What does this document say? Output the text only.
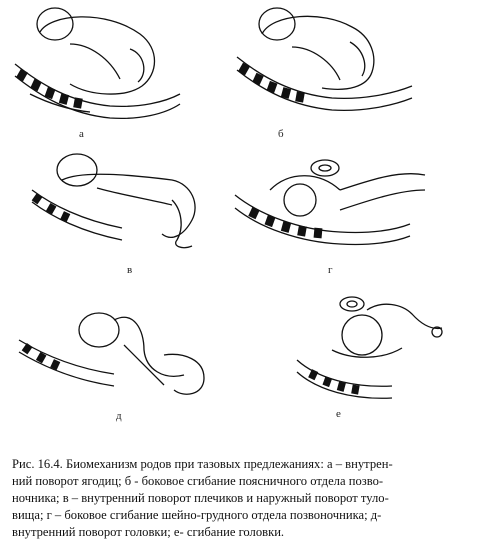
а	б
в	г
д	е

Рис. 16.4. Биомеханизм родов при тазовых предлежаниях: а – внутрен-
ний поворот ягодиц; б - боковое сгибание поясничного отдела позво-
ночника; в – внутренний поворот плечиков и наружный поворот туло-
вища; г – боковое сгибание шейно-грудного отдела позвоночника; д-
внутренний поворот головки; е- сгибание головки.
